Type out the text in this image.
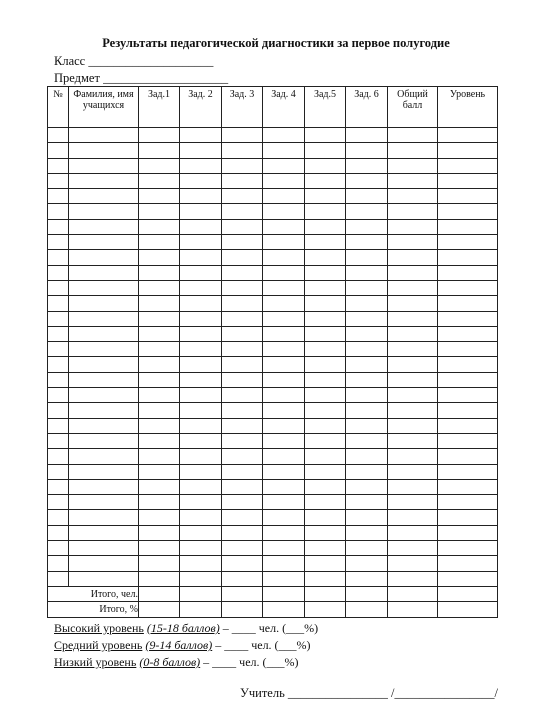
Результаты педагогической диагностики за первое полугодие
Класс ____________________
Предмет ____________________
№	Фамилия, имя учащихся	Зад.1	Зад. 2	Зад. 3	Зад. 4	Зад.5	Зад. 6	Общий балл	Уровень

Итого, чел.									
Итого, %									
Высокий уровень (15-18 баллов) – ____ чел. (___%)
Средний уровень (9-14 баллов) – ____ чел. (___%)
Низкий уровень (0-8 баллов) – ____ чел. (___%)
Учитель ________________ /________________/
